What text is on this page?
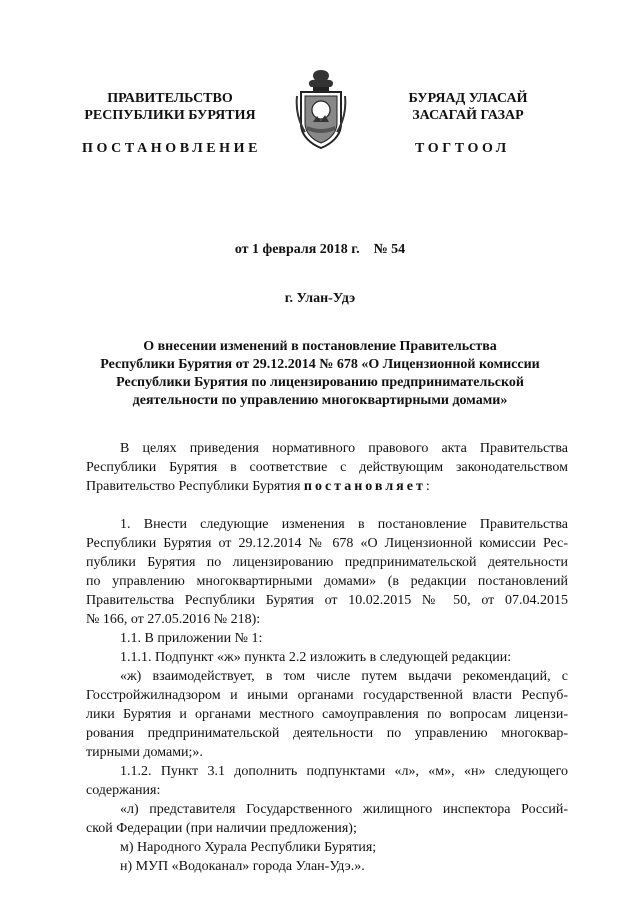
ПРАВИТЕЛЬСТВО
РЕСПУБЛИКИ БУРЯТИЯ
БУРЯАД УЛАСАЙ
ЗАСАГАЙ ГАЗАР
ПОСТАНОВЛЕНИЕ	ТОГТООЛ
от 1 февраля 2018 г. № 54
г. Улан-Удэ
О внесении изменений в постановление Правительства
Республики Бурятия от 29.12.2014 № 678 «О Лицензионной комиссии
Республики Бурятия по лицензированию предпринимательской
деятельности по управлению многоквартирными домами»
В целях приведения нормативного правового акта Правительства
Республики Бурятия в соответствие с действующим законодательством
Правительство Республики Бурятия постановляет:
1. Внести следующие изменения в постановление Правительства
Республики Бурятия от 29.12.2014 № 678 «О Лицензионной комиссии Рес-
публики Бурятия по лицензированию предпринимательской деятельности
по управлению многоквартирными домами» (в редакции постановлений
Правительства Республики Бурятия от 10.02.2015 № 50, от 07.04.2015
№ 166, от 27.05.2016 № 218):
1.1. В приложении № 1:
1.1.1. Подпункт «ж» пункта 2.2 изложить в следующей редакции:
«ж) взаимодействует, в том числе путем выдачи рекомендаций, с
Госстройжилнадзором и иными органами государственной власти Респуб-
лики Бурятия и органами местного самоуправления по вопросам лицензи-
рования предпринимательской деятельности по управлению многоквар-
тирными домами;».
1.1.2. Пункт 3.1 дополнить подпунктами «л», «м», «н» следующего
содержания:
«л) представителя Государственного жилищного инспектора Россий-
ской Федерации (при наличии предложения);
м) Народного Хурала Республики Бурятия;
н) МУП «Водоканал» города Улан-Удэ.».
